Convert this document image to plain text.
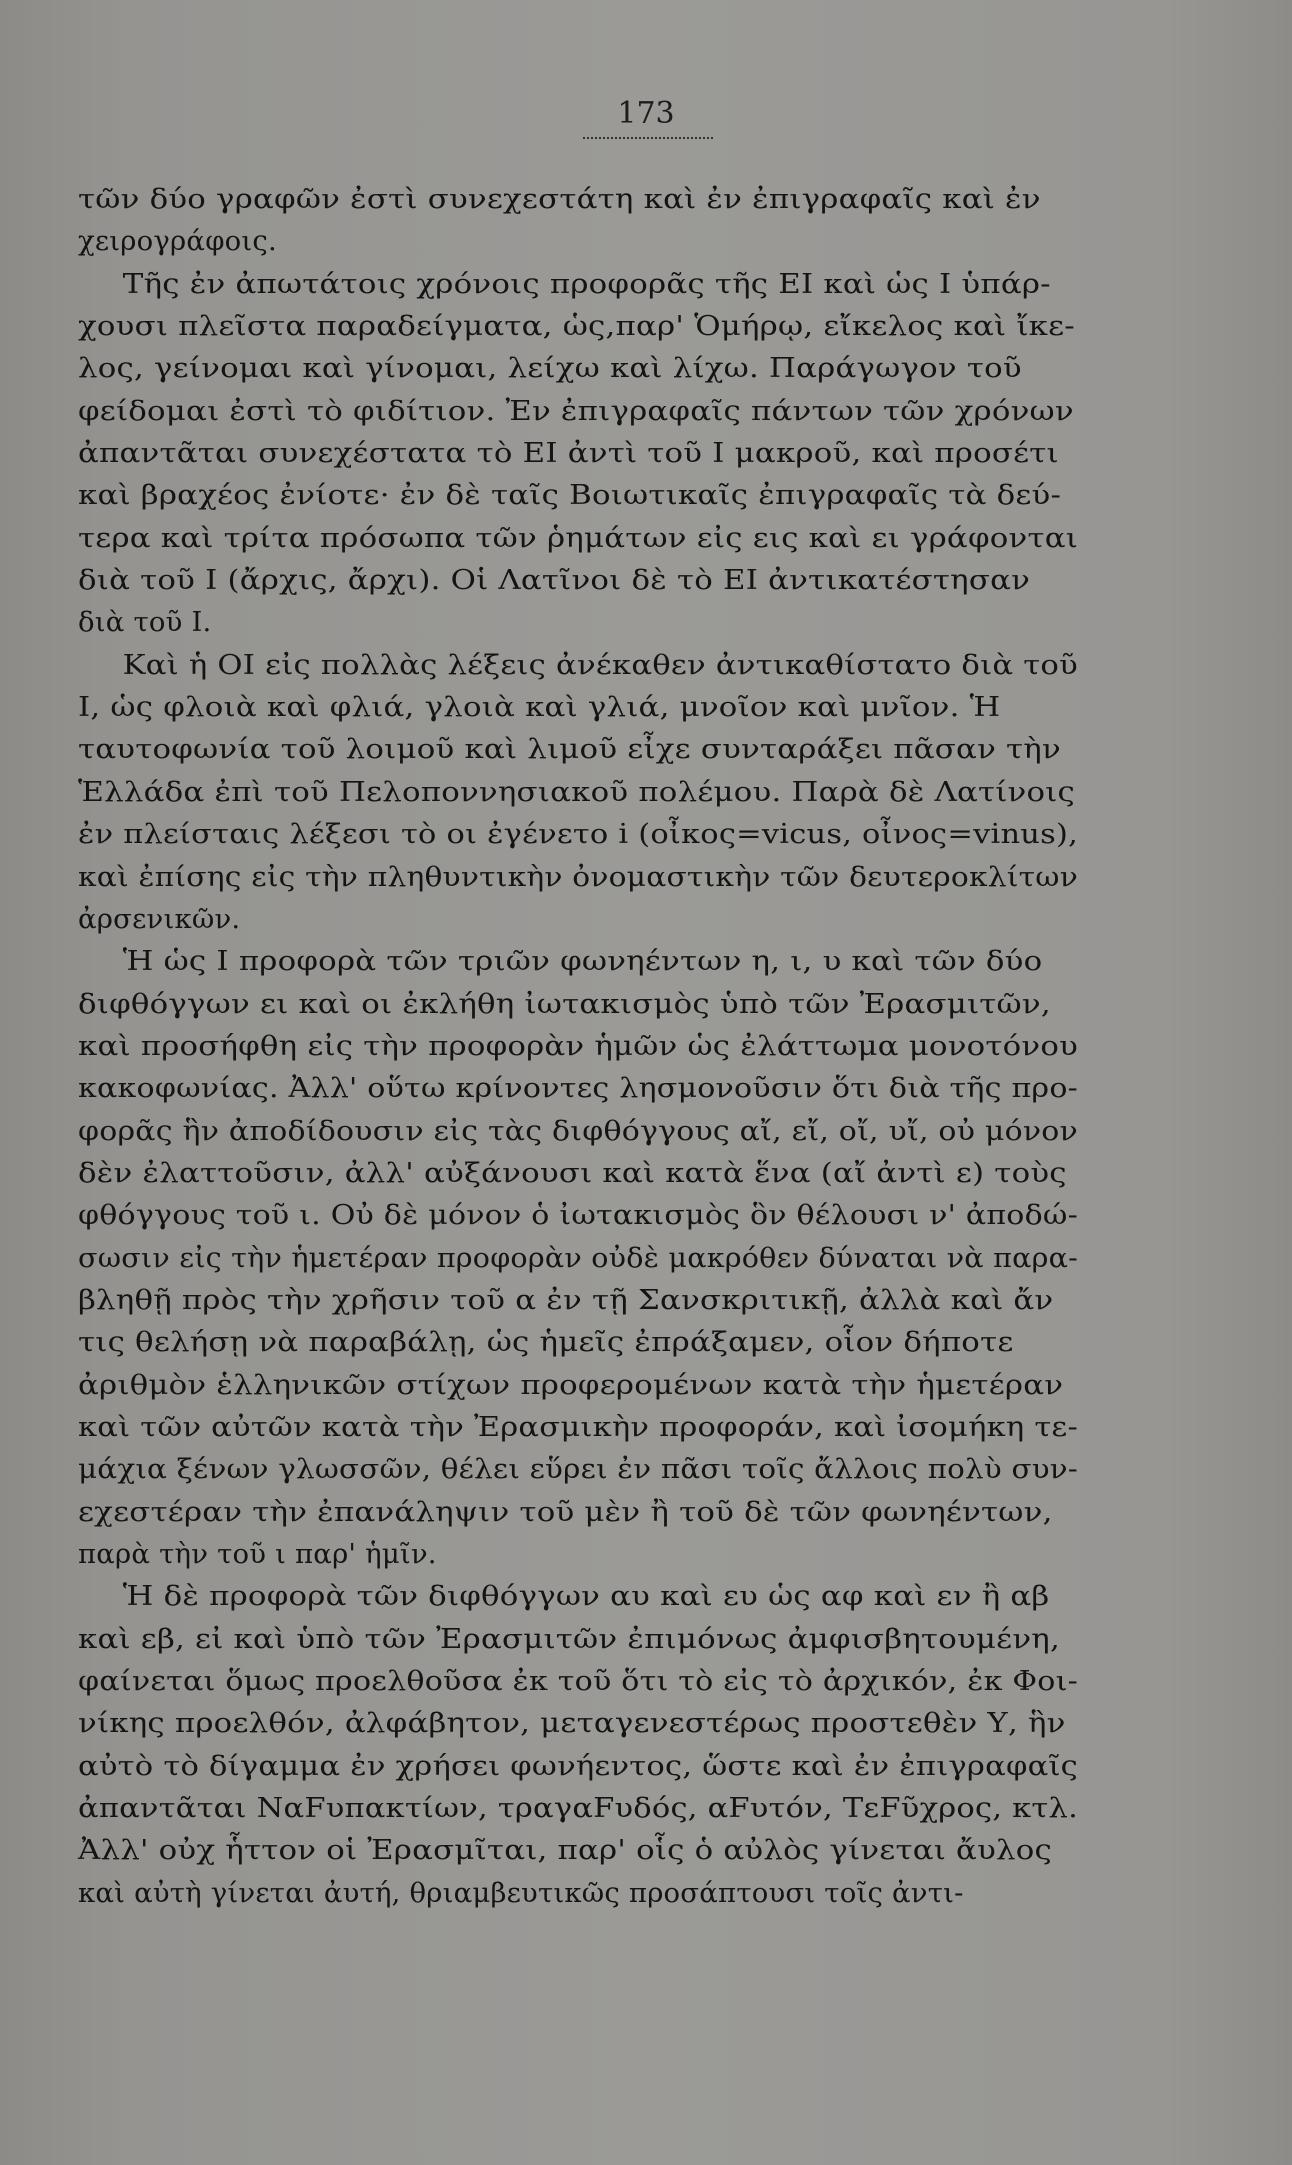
173
τῶν δύο γραφῶν ἐστὶ συνεχεστάτη καὶ ἐν ἐπιγραφαῖς καὶ ἐν
χειρογράφοις.
Τῆς ἐν ἀπωτάτοις χρόνοις προφορᾶς τῆς ΕΙ καὶ ὡς Ι ὑπάρ-
χουσι πλεῖστα παραδείγματα, ὡς,παρ' Ὁμήρῳ, εἴκελος καὶ ἴκε-
λος, γείνομαι καὶ γίνομαι, λείχω καὶ λίχω. Παράγωγον τοῦ
φείδομαι ἐστὶ τὸ φιδίτιον. Ἐν ἐπιγραφαῖς πάντων τῶν χρόνων
ἀπαντᾶται συνεχέστατα τὸ ΕΙ ἀντὶ τοῦ Ι μακροῦ, καὶ προσέτι
καὶ βραχέος ἐνίοτε· ἐν δὲ ταῖς Βοιωτικαῖς ἐπιγραφαῖς τὰ δεύ-
τερα καὶ τρίτα πρόσωπα τῶν ῥημάτων εἰς εις καὶ ει γράφονται
διὰ τοῦ Ι (ἄρχις, ἄρχι). Οἱ Λατῖνοι δὲ τὸ ΕΙ ἀντικατέστησαν
διὰ τοῦ Ι.
Καὶ ἡ ΟΙ εἰς πολλὰς λέξεις ἀνέκαθεν ἀντικαθίστατο διὰ τοῦ
Ι, ὡς φλοιὰ καὶ φλιά, γλοιὰ καὶ γλιά, μνοῖον καὶ μνῖον. Ἡ
ταυτοφωνία τοῦ λοιμοῦ καὶ λιμοῦ εἶχε συνταράξει πᾶσαν τὴν
Ἑλλάδα ἐπὶ τοῦ Πελοποννησιακοῦ πολέμου. Παρὰ δὲ Λατίνοις
ἐν πλείσταις λέξεσι τὸ οι ἐγένετο i (οἶκος=vicus, οἶνος=vinus),
καὶ ἐπίσης εἰς τὴν πληθυντικὴν ὀνομαστικὴν τῶν δευτεροκλίτων
ἀρσενικῶν.
Ἡ ὡς Ι προφορὰ τῶν τριῶν φωνηέντων η, ι, υ καὶ τῶν δύο
διφθόγγων ει καὶ οι ἐκλήθη ἰωτακισμὸς ὑπὸ τῶν Ἐρασμιτῶν,
καὶ προσήφθη εἰς τὴν προφορὰν ἡμῶν ὡς ἐλάττωμα μονοτόνου
κακοφωνίας. Ἀλλ' οὕτω κρίνοντες λησμονοῦσιν ὅτι διὰ τῆς προ-
φορᾶς ἣν ἀποδίδουσιν εἰς τὰς διφθόγγους αἴ, εἴ, οἴ, υἴ, οὐ μόνον
δὲν ἐλαττοῦσιν, ἀλλ' αὐξάνουσι καὶ κατὰ ἕνα (αἴ ἀντὶ ε) τοὺς
φθόγγους τοῦ ι. Οὐ δὲ μόνον ὁ ἰωτακισμὸς ὃν θέλουσι ν' ἀποδώ-
σωσιν εἰς τὴν ἡμετέραν προφορὰν οὐδὲ μακρόθεν δύναται νὰ παρα-
βληθῇ πρὸς τὴν χρῆσιν τοῦ α ἐν τῇ Σανσκριτικῇ, ἀλλὰ καὶ ἄν
τις θελήσῃ νὰ παραβάλῃ, ὡς ἡμεῖς ἐπράξαμεν, οἷον δήποτε
ἀριθμὸν ἑλληνικῶν στίχων προφερομένων κατὰ τὴν ἡμετέραν
καὶ τῶν αὐτῶν κατὰ τὴν Ἐρασμικὴν προφοράν, καὶ ἰσομήκη τε-
μάχια ξένων γλωσσῶν, θέλει εὕρει ἐν πᾶσι τοῖς ἄλλοις πολὺ συν-
εχεστέραν τὴν ἐπανάληψιν τοῦ μὲν ἢ τοῦ δὲ τῶν φωνηέντων,
παρὰ τὴν τοῦ ι παρ' ἡμῖν.
Ἡ δὲ προφορὰ τῶν διφθόγγων αυ καὶ ευ ὡς αφ καὶ εν ἢ αβ
καὶ εβ, εἰ καὶ ὑπὸ τῶν Ἐρασμιτῶν ἐπιμόνως ἀμφισβητουμένη,
φαίνεται ὅμως προελθοῦσα ἐκ τοῦ ὅτι τὸ εἰς τὸ ἀρχικόν, ἐκ Φοι-
νίκης προελθόν, ἀλφάβητον, μεταγενεστέρως προστεθὲν Υ, ἣν
αὐτὸ τὸ δίγαμμα ἐν χρήσει φωνήεντος, ὥστε καὶ ἐν ἐπιγραφαῖς
ἀπαντᾶται ΝαFυπακτίων, τραγαFυδός, αFυτόν, ΤεFῦχρος, κτλ.
Ἀλλ' οὐχ ἧττον οἱ Ἐρασμῖται, παρ' οἷς ὁ αὐλὸς γίνεται ἄυλος
καὶ αὐτὴ γίνεται ἀυτή, θριαμβευτικῶς προσάπτουσι τοῖς ἀντι-
